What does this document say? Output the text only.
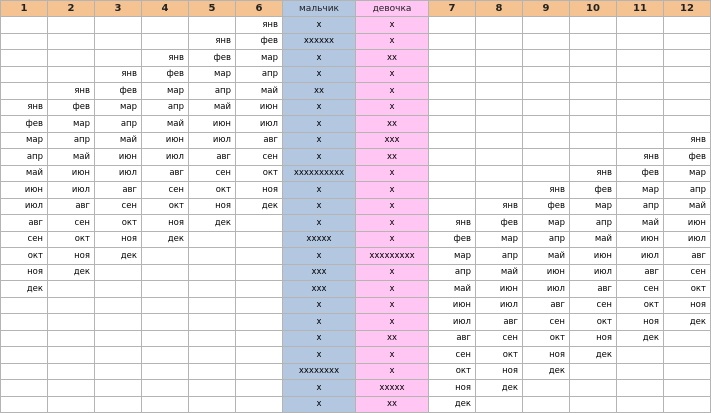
1	2	3	4	5	6	мальчик	девочка	7	8	9	10	11	12
					янв	x	x						
				янв	фев	xxxxxx	x						
			янв	фев	мар	x	xx						
		янв	фев	мар	апр	x	x						
	янв	фев	мар	апр	май	xx	x						
янв	фев	мар	апр	май	июн	x	x						
фев	мар	апр	май	июн	июл	x	xx						
мар	апр	май	июн	июл	авг	x	xxx						янв
апр	май	июн	июл	авг	сен	x	xx					янв	фев
май	июн	июл	авг	сен	окт	xxxxxxxxxx	x				янв	фев	мар
июн	июл	авг	сен	окт	ноя	x	x			янв	фев	мар	апр
июл	авг	сен	окт	ноя	дек	x	x		янв	фев	мар	апр	май
авг	сен	окт	ноя	дек		x	x	янв	фев	мар	апр	май	июн
сен	окт	ноя	дек			xxxxx	x	фев	мар	апр	май	июн	июл
окт	ноя	дек				x	xxxxxxxxx	мар	апр	май	июн	июл	авг
ноя	дек					xxx	x	апр	май	июн	июл	авг	сен
дек						xxx	x	май	июн	июл	авг	сен	окт
						x	x	июн	июл	авг	сен	окт	ноя
						x	x	июл	авг	сен	окт	ноя	дек
						x	xx	авг	сен	окт	ноя	дек	
						x	x	сен	окт	ноя	дек		
						xxxxxxxx	x	окт	ноя	дек			
						x	xxxxx	ноя	дек				
						x	xx	дек					
